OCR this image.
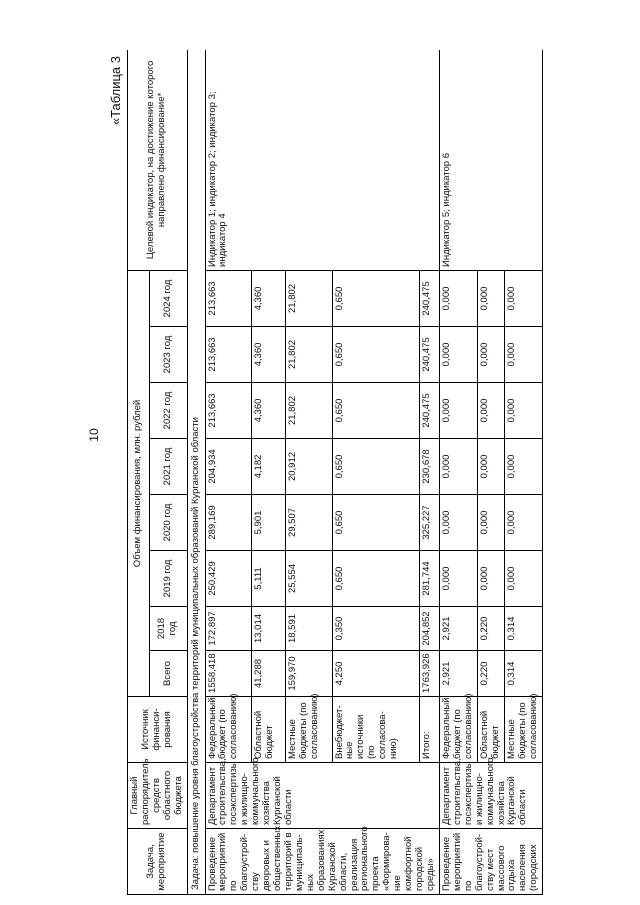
10
«Таблица 3
Задача, мероприятие	Главный распорядитель средств областного бюджета	Источник финанси-рования	Объем финансирования, млн. рублей								Целевой индикатор, на достижение которого направлено финансирование*
			Всего	2018 год	2019 год	2020 год	2021 год	2022 год	2023 год	2024 год	
Задача: повышение уровня благоустройства территорий муниципальных образований Курганской области											
Проведение мероприятий по благоустрой-ству дворовых и общественных территорий в муниципаль-ных образованиях Курганской области, реализация регионального проекта «Формирова-ние комфортной городской среды»	Департамент строительства, госэкспертизы и жилищно-коммунального хозяйства Курганской области	Федеральный бюджет (по согласованию)	1558,418	172,897	250,429	289,169	204,934	213,663	213,663	213,663	Индикатор 1; индикатор 2; индикатор 3; индикатор 4
		Областной бюджет	41,288	13,014	5,111	5,901	4,182	4,360	4,360	4,360	
		Местные бюджеты (по согласованию)	159,970	18,591	25,554	29,507	20,912	21,802	21,802	21,802	
		Внебюджет-ные источники (по согласова-нию)	4,250	0,350	0,650	0,650	0,650	0,650	0,650	0,650	
		Итого:	1763,926	204,852	281,744	325,227	230,678	240,475	240,475	240,475	
Проведение мероприятий по благоустрой-ству мест массового отдыха населения (городских	Департамент строительства, госэкспертизы и жилищно-коммунального хозяйства Курганской области	Федеральный бюджет (по согласованию)	2,921	2,921	0,000	0,000	0,000	0,000	0,000	0,000	Индикатор 5; индикатор 6
		Областной бюджет	0,220	0,220	0,000	0,000	0,000	0,000	0,000	0,000	
		Местные бюджеты (по согласованию)	0,314	0,314	0,000	0,000	0,000	0,000	0,000	0,000	
